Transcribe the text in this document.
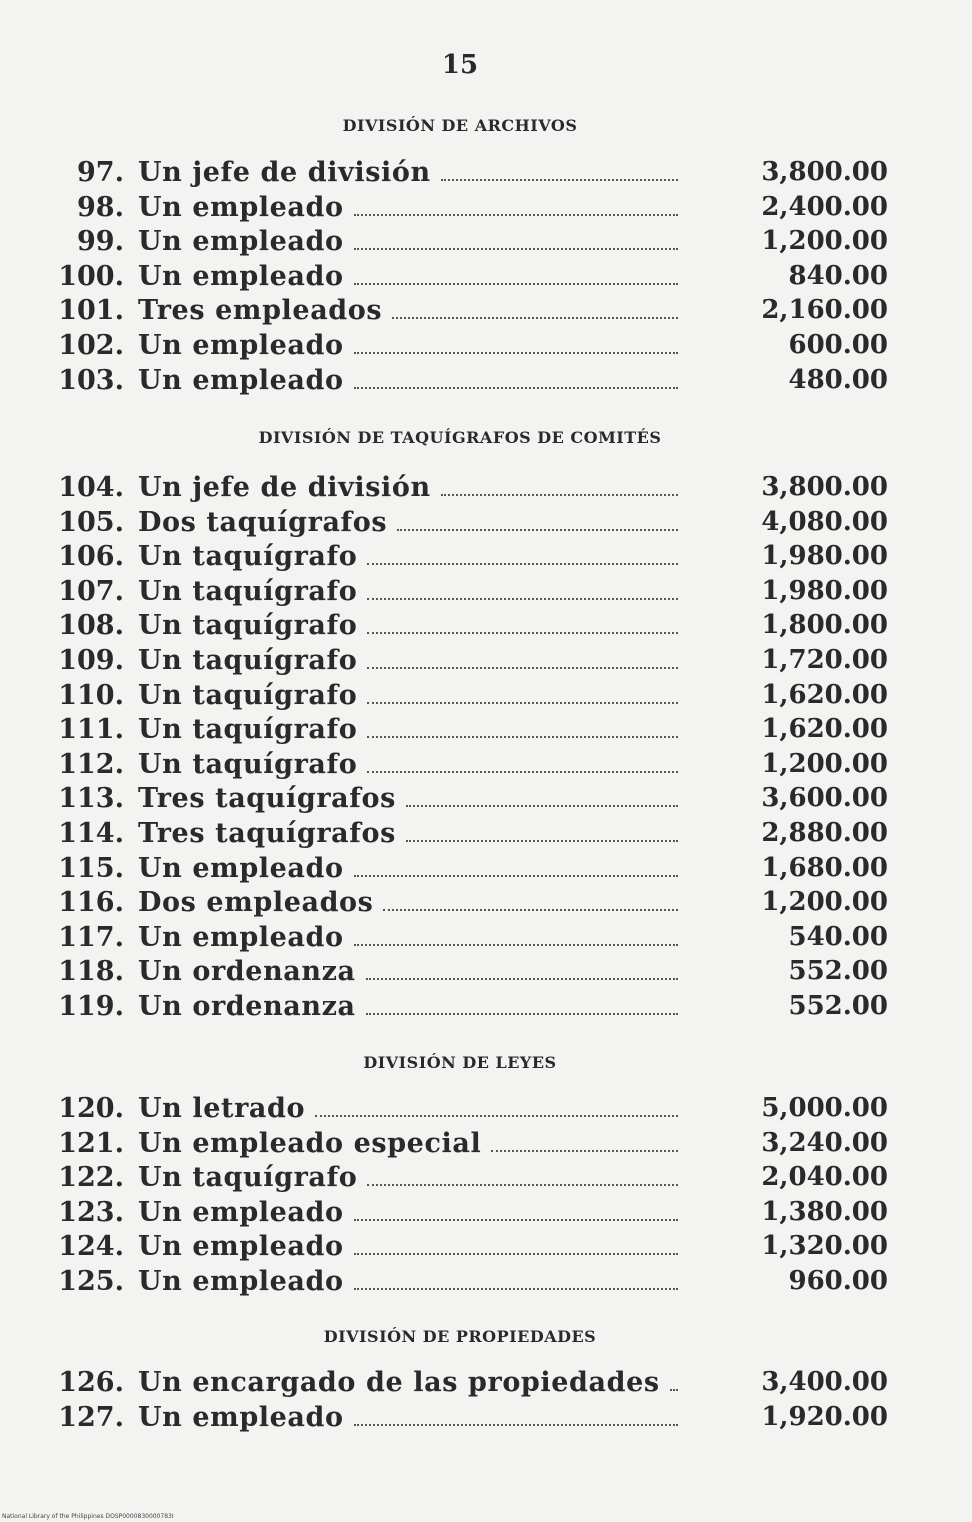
15
DIVISIÓN DE ARCHIVOS
97. Un jefe de división	3,800.00
98. Un empleado	2,400.00
99. Un empleado	1,200.00
100. Un empleado	840.00
101. Tres empleados	2,160.00
102. Un empleado	600.00
103. Un empleado	480.00
DIVISIÓN DE TAQUÍGRAFOS DE COMITÉS
104. Un jefe de división	3,800.00
105. Dos taquígrafos	4,080.00
106. Un taquígrafo	1,980.00
107. Un taquígrafo	1,980.00
108. Un taquígrafo	1,800.00
109. Un taquígrafo	1,720.00
110. Un taquígrafo	1,620.00
111. Un taquígrafo	1,620.00
112. Un taquígrafo	1,200.00
113. Tres taquígrafos	3,600.00
114. Tres taquígrafos	2,880.00
115. Un empleado	1,680.00
116. Dos empleados	1,200.00
117. Un empleado	540.00
118. Un ordenanza	552.00
119. Un ordenanza	552.00
DIVISIÓN DE LEYES
120. Un letrado	5,000.00
121. Un empleado especial	3,240.00
122. Un taquígrafo	2,040.00
123. Un empleado	1,380.00
124. Un empleado	1,320.00
125. Un empleado	960.00
DIVISIÓN DE PROPIEDADES
126. Un encargado de las propiedades	3,400.00
127. Un empleado	1,920.00
National Library of the Philippines DOSP0000830000783I
